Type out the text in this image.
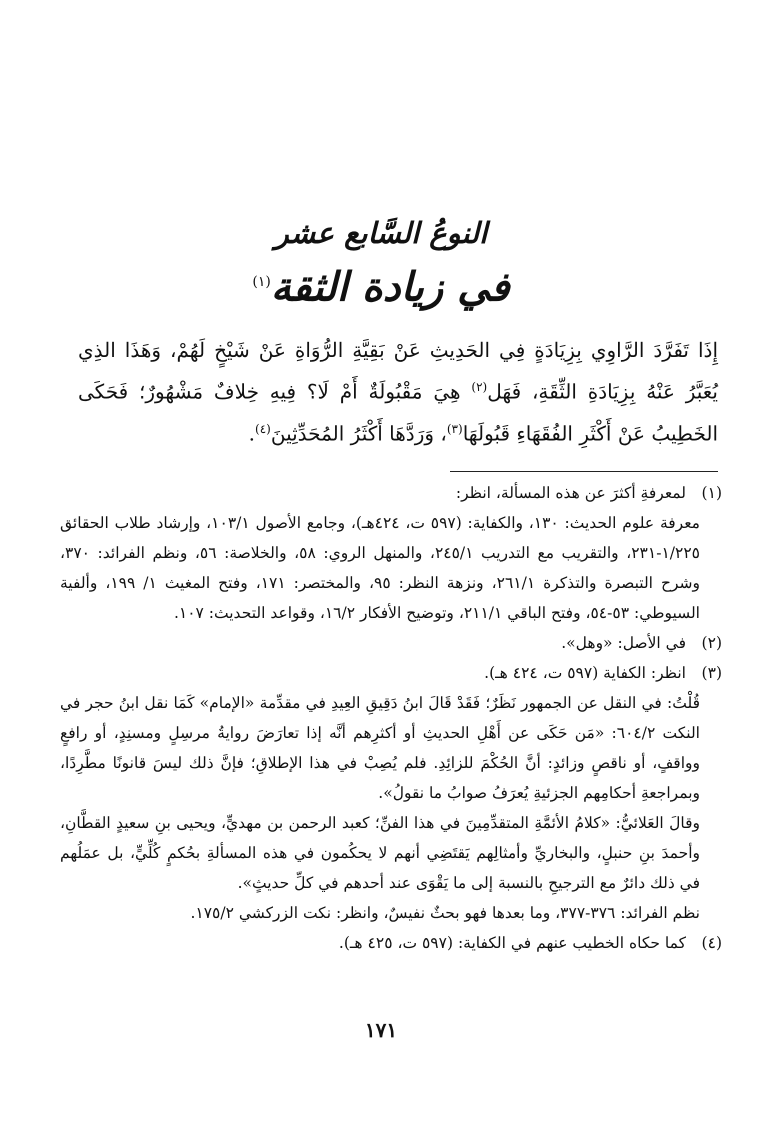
النوعُ السَّابع عشر
في زيادة الثقة$^{(١)}$

إِذَا تَفَرَّدَ الرَّاوِي بِزِيَادَةٍ فِي الحَدِيثِ عَنْ بَقِيَّةِ الرُّوَاةِ عَنْ شَيْخٍ لَهُمْ، وَهَذَا الذِي يُعَبَّرُ عَنْهُ بِزِيَادَةِ الثِّقَةِ، فَهَل$^{(٢)}$ هِيَ مَقْبُولَةٌ أَمْ لَا؟ فِيهِ خِلافٌ مَشْهُورٌ؛ فَحَكَى الخَطِيبُ عَنْ أَكْثَرِ الفُقَهَاءِ قَبُولَهَا$^{(٣)}$، وَرَدَّهَا أَكْثَرُ المُحَدِّثِينَ$^{(٤)}$.

(١)
لمعرفةِ أكثرَ عن هذه المسألة، انظر:

معرفة علوم الحديث: ١٣٠، والكفاية: (٥٩٧ ت، ٤٢٤هـ)، وجامع الأصول ١٠٣/١، وإرشاد طلاب الحقائق ١/٢٢٥-٢٣١، والتقريب مع التدريب ٢٤٥/١، والمنهل الروي: ٥٨، والخلاصة: ٥٦، ونظم الفرائد: ٣٧٠، وشرح التبصرة والتذكرة ٢٦١/١، ونزهة النظر: ٩٥، والمختصر: ١٧١، وفتح المغيث ١/ ١٩٩، وألفية السيوطي: ٥٣-٥٤، وفتح الباقي ٢١١/١، وتوضيح الأفكار ١٦/٢، وقواعد التحديث: ١٠٧.

(٢)
في الأصل: «وهل».
(٣)
انظر: الكفاية (٥٩٧ ت، ٤٢٤ هـ).

قُلْتُ: في النقل عن الجمهور نَظَرٌ؛ فَقَدْ قَالَ ابنُ دَقِيقِ العِيدِ في مقدِّمة «الإمام» كَمَا نقل ابنُ حجر في النكت ٦٠٤/٢: «مَن حَكَى عن أَهْلِ الحديثِ أو أكثرِهم أنَّه إذا تعارَضَ روايةُ مرسِلٍ ومسنِدٍ، أو رافعٍ وواقفٍ، أو ناقصٍ وزائدٍ: أنَّ الحُكْمَ للزائِدِ. فلم يُصِبْ في هذا الإطلاقِ؛ فإنَّ ذلك ليسَ قانونًا مطَّرِدًا، وبمراجعةِ أحكامِهم الجزئيةِ يُعرَفُ صوابُ ما نقولُ».

وقالَ العَلائيُّ: «كلامُ الأئمَّةِ المتقدِّمِينَ في هذا الفنِّ؛ كعبد الرحمن بن مهديٍّ، ويحيى بنِ سعيدٍ القطَّانِ، وأحمدَ بنِ حنبلٍ، والبخاريِّ وأمثالِهم يَقتَضِي أنهم لا يحكُمون في هذه المسألةِ بحُكمٍ كُلِّيٍّ، بل عمَلُهم في ذلك دائرٌ مع الترجيحِ بالنسبة إلى ما يَقْوَى عند أحدهم في كلِّ حديثٍ».

نظم الفرائد: ٣٧٦-٣٧٧، وما بعدها فهو بحثٌ نفيسٌ، وانظر: نكت الزركشي ١٧٥/٢.

(٤)
كما حكاه الخطيب عنهم في الكفاية: (٥٩٧ ت، ٤٢٥ هـ).
١٧١
